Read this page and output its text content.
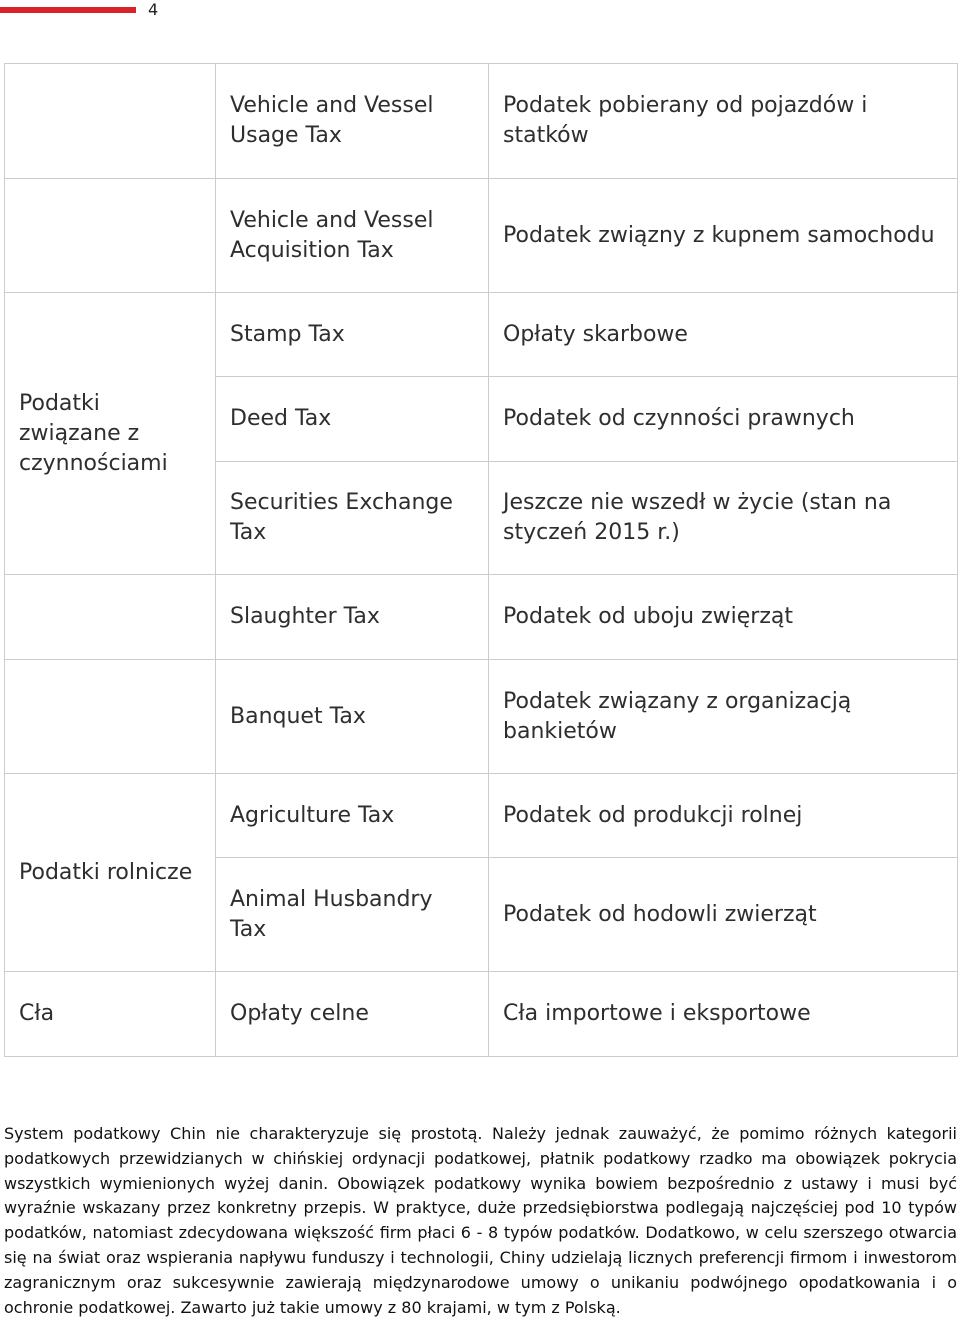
4
	Vehicle and Vessel Usage Tax	Podatek pobierany od pojazdów i statków
	Vehicle and Vessel Acquisition Tax	Podatek związny z kupnem samochodu
Podatki związane z czynnościami	Stamp Tax	Opłaty skarbowe
	Deed Tax	Podatek od czynności prawnych
	Securities Exchange Tax	Jeszcze nie wszedł w życie (stan na styczeń 2015 r.)
	Slaughter Tax	Podatek od uboju zwięrząt
	Banquet Tax	Podatek związany z organizacją bankietów
Podatki rolnicze	Agriculture Tax	Podatek od produkcji rolnej
	Animal Husbandry Tax	Podatek od hodowli zwierząt
Cła	Opłaty celne	Cła importowe i eksportowe

System podatkowy Chin nie charakteryzuje się prostotą. Należy jednak zauważyć, że pomimo różnych kategorii podatkowych przewidzianych w chińskiej ordynacji podatkowej, płatnik podatkowy rzadko ma obowiązek pokrycia wszystkich wymienionych wyżej danin. Obowiązek podatkowy wynika bowiem bezpośrednio z ustawy i musi być wyraźnie wskazany przez konkretny przepis. W praktyce, duże przedsiębiorstwa podlegają najczęściej pod 10 typów podatków, natomiast zdecydowana większość firm płaci 6 - 8 typów podatków. Dodatkowo, w celu szerszego otwarcia się na świat oraz wspierania napływu funduszy i technologii, Chiny udzielają licznych preferencji firmom i inwestorom zagranicznym oraz sukcesywnie zawierają międzynarodowe umowy o unikaniu podwójnego opodatkowania i o ochronie podatkowej. Zawarto już takie umowy z 80 krajami, w tym z Polską.
